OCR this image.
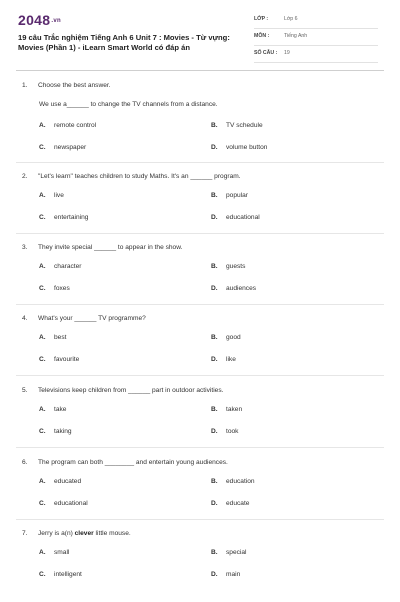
2048.vn
19 câu Trắc nghiệm Tiếng Anh 6 Unit 7 : Movies - Từ vựng: Movies (Phần 1) - iLearn Smart World có đáp án
LỚP :	Lớp 6
MÔN :	Tiếng Anh
SỐ CÂU : 19
1. Choose the best answer.
We use a______ to change the TV channels from a distance.
A. remote control	B. TV schedule
C. newspaper	D. volume button
2. "Let's learn" teaches children to study Maths. It's an ______ program.
A. live	B. popular
C. entertaining	D. educational
3. They invite special ______ to appear in the show.
A. character	B. guests
C. foxes	D. audiences
4. What's your ______ TV programme?
A. best	B. good
C. favourite	D. like
5. Televisions keep children from ______ part in outdoor activities.
A. take	B. taken
C. taking	D. took
6. The program can both ________ and entertain young audiences.
A. educated	B. education
C. educational	D. educate
7. Jerry is a(n) clever little mouse.
A. small	B. special
C. intelligent	D. main
